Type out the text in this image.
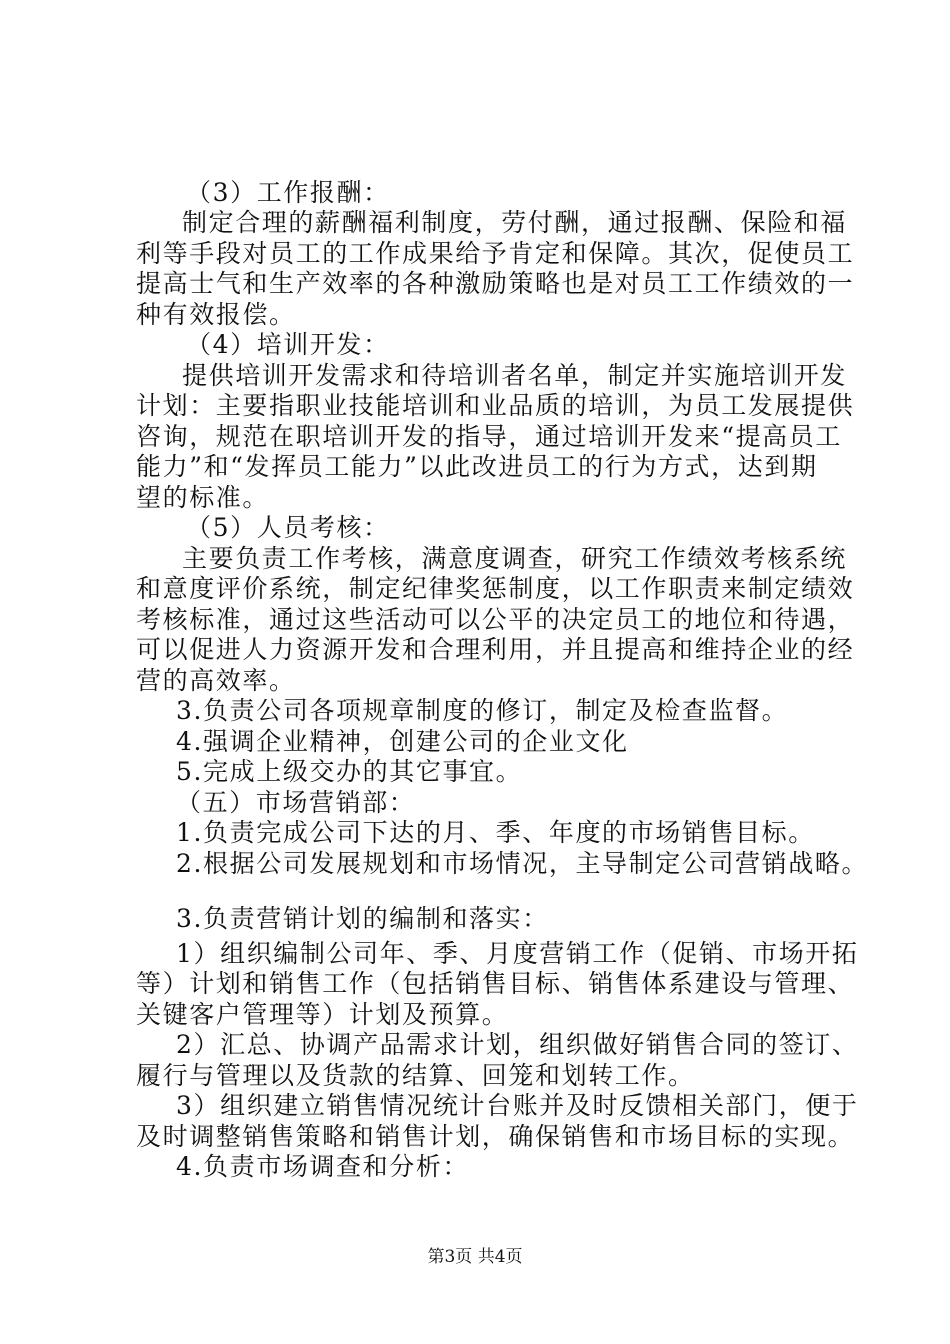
（3）工作报酬：
制定合理的薪酬福利制度，劳付酬，通过报酬、保险和福
利等手段对员工的工作成果给予肯定和保障。其次，促使员工
提高士气和生产效率的各种激励策略也是对员工工作绩效的一
种有效报偿。
（4）培训开发：
提供培训开发需求和待培训者名单，制定并实施培训开发
计划：主要指职业技能培训和业品质的培训，为员工发展提供
咨询，规范在职培训开发的指导，通过培训开发来“提高员工
能力”和“发挥员工能力”以此改进员工的行为方式，达到期
望的标准。
（5）人员考核：
主要负责工作考核，满意度调查，研究工作绩效考核系统
和意度评价系统，制定纪律奖惩制度，以工作职责来制定绩效
考核标准，通过这些活动可以公平的决定员工的地位和待遇，
可以促进人力资源开发和合理利用，并且提高和维持企业的经
营的高效率。
3.负责公司各项规章制度的修订，制定及检查监督。
4.强调企业精神，创建公司的企业文化
5.完成上级交办的其它事宜。
（五）市场营销部：
1.负责完成公司下达的月、季、年度的市场销售目标。
2.根据公司发展规划和市场情况，主导制定公司营销战略。
3.负责营销计划的编制和落实：
1）组织编制公司年、季、月度营销工作（促销、市场开拓
等）计划和销售工作（包括销售目标、销售体系建设与管理、
关键客户管理等）计划及预算。
2）汇总、协调产品需求计划，组织做好销售合同的签订、
履行与管理以及货款的结算、回笼和划转工作。
3）组织建立销售情况统计台账并及时反馈相关部门，便于
及时调整销售策略和销售计划，确保销售和市场目标的实现。
4.负责市场调查和分析：
第3页 共4页
